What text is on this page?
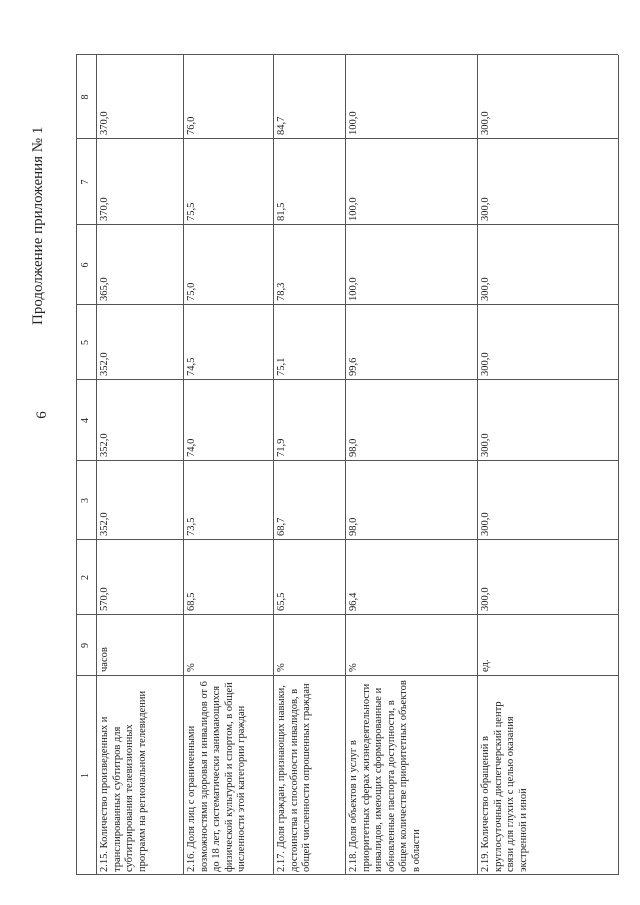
6
Продолжение приложения № 1
1
2
3
4
5
6
7
8
9
2.15. Количество произведенных и транслированных субтитров для субтитрирования телевизионных программ на региональном телевидении
часов
570,0
352,0
352,0
352,0
365,0
370,0
370,0
2.16. Доля лиц с ограниченными возможностями здоровья и инвалидов от 6 до 18 лет, систематически занимающихся физической культурой и спортом, в общей численности этой категории граждан
%
68,5
73,5
74,0
74,5
75,0
75,5
76,0
2.17. Доля граждан, признающих навыки, достоинства и способности инвалидов, в общей численности опрошенных граждан
%
65,5
68,7
71,9
75,1
78,3
81,5
84,7
2.18. Доля объектов и услуг в приоритетных сферах жизнедеятельности инвалидов, имеющих сформированные и обновленные паспорта доступности, в общем количестве приоритетных объектов в области
%
96,4
98,0
98,0
99,6
100,0
100,0
100,0
2.19. Количество обращений в круглосуточный диспетчерский центр связи для глухих с целью оказания экстренной и иной
ед.
300,0
300,0
300,0
300,0
300,0
300,0
300,0
